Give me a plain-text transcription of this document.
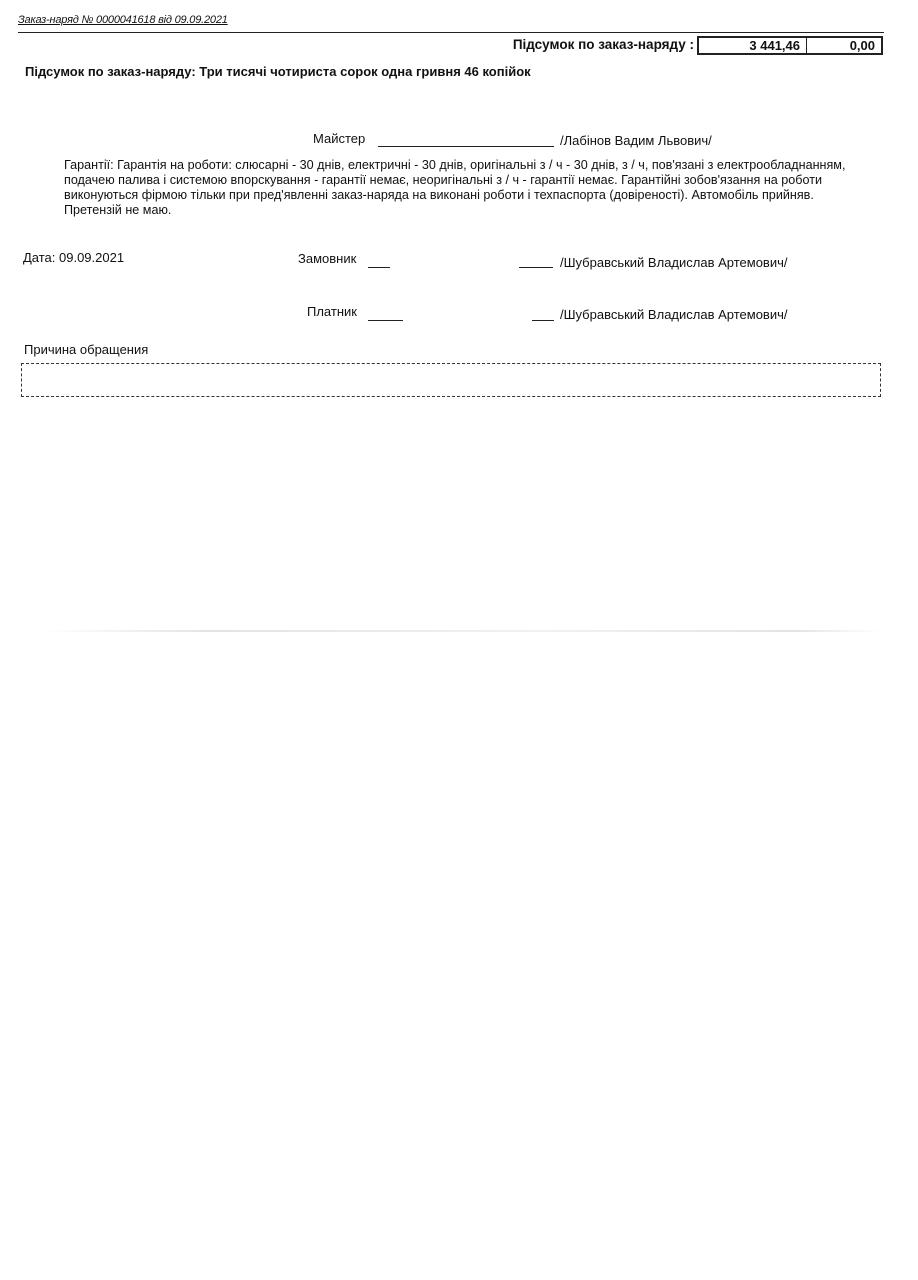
Заказ-наряд № 0000041618 від 09.09.2021
Підсумок по заказ-наряду :	3 441,46	0,00
Підсумок по заказ-наряду: Три тисячі чотириста сорок одна гривня 46 копійок
Майстер	/Лабінов Вадим Львович/
Гарантії: Гарантія на роботи: слюсарні - 30 днів, електричні - 30 днів, оригінальні з / ч - 30 днів, з / ч, пов'язані з електрообладнанням, подачею палива і системою впорскування - гарантії немає, неоригінальні з / ч - гарантії немає. Гарантійні зобов'язання на роботи виконуються фірмою тільки при пред'явленні заказ-наряда на виконані роботи і техпаспорта (довіреності). Автомобіль прийняв. Претензій не маю.
Дата: 09.09.2021	Замовник	/Шубравський Владислав Артемович/
Платник	/Шубравський Владислав Артемович/
Причина обращения
